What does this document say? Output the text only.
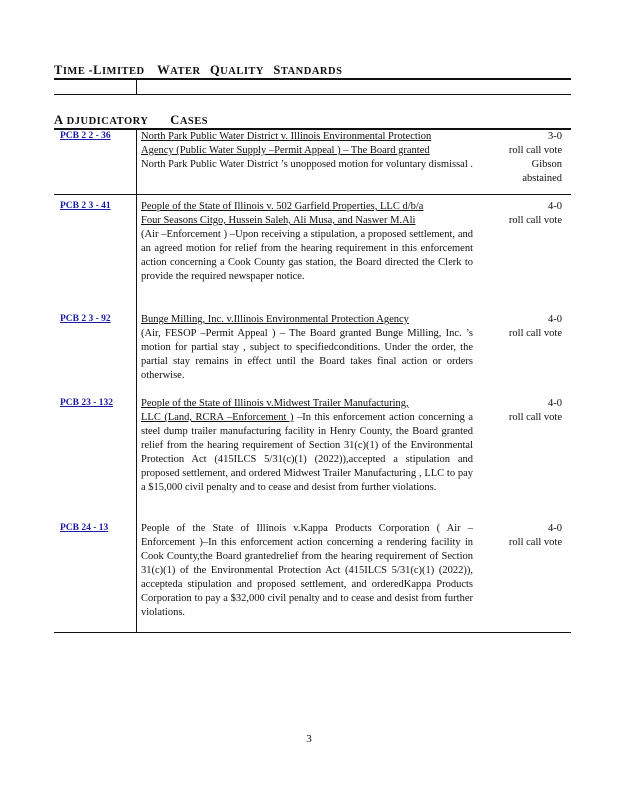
TIME -LIMITED WATER QUALITY STANDARDS
A DJUDICATORY CASES
PCB 2 2 - 36	North Park Public Water District v. Illinois Environmental Protection
Agency (Public Water Supply –Permit Appeal ) – The Board granted
North Park Public Water District ’s unopposed motion for voluntary dismissal .
3-0
roll call vote
Gibson
abstained
PCB 2 3 - 41	People of the State of Illinois v. 502 Garfield Properties, LLC d/b/a
Four Seasons Citgo, Hussein Saleh, Ali Musa, and Naswer M.Ali
(Air –Enforcement ) –Upon receiving a stipulation, a proposed settlement, and an agreed motion for relief from the hearing requirement in this enforcement action concerning a Cook County gas station, the Board directed the Clerk to provide the required newspaper notice.
4-0
roll call vote
PCB 2 3 - 92	Bunge Milling, Inc. v.Illinois Environmental Protection Agency
(Air, FESOP –Permit Appeal ) – The Board granted Bunge Milling, Inc. ’s motion for partial stay , subject to specifiedconditions. Under the order, the partial stay remains in effect until the Board takes final action or orders otherwise.
4-0
roll call vote
PCB 23 - 132	People of the State of Illinois v.Midwest Trailer Manufacturing,
LLC (Land, RCRA –Enforcement ) –In this enforcement action concerning a steel dump trailer manufacturing facility in Henry County, the Board granted relief from the hearing requirement of Section 31(c)(1) of the Environmental Protection Act (415ILCS 5/31(c)(1) (2022)),accepted a stipulation and proposed settlement, and ordered Midwest Trailer Manufacturing , LLC to pay a $15,000 civil penalty and to cease and desist from further violations.
4-0
roll call vote
PCB 24 - 13	People of the State of Illinois v.Kappa Products Corporation ( Air – Enforcement )–In this enforcement action concerning a rendering facility in Cook County,the Board grantedrelief from the hearing requirement of Section 31(c)(1) of the Environmental Protection Act (415ILCS 5/31(c)(1) (2022)), accepteda stipulation and proposed settlement, and orderedKappa Products Corporation to pay a $32,000 civil penalty and to cease and desist from further violations.
4-0
roll call vote
3
